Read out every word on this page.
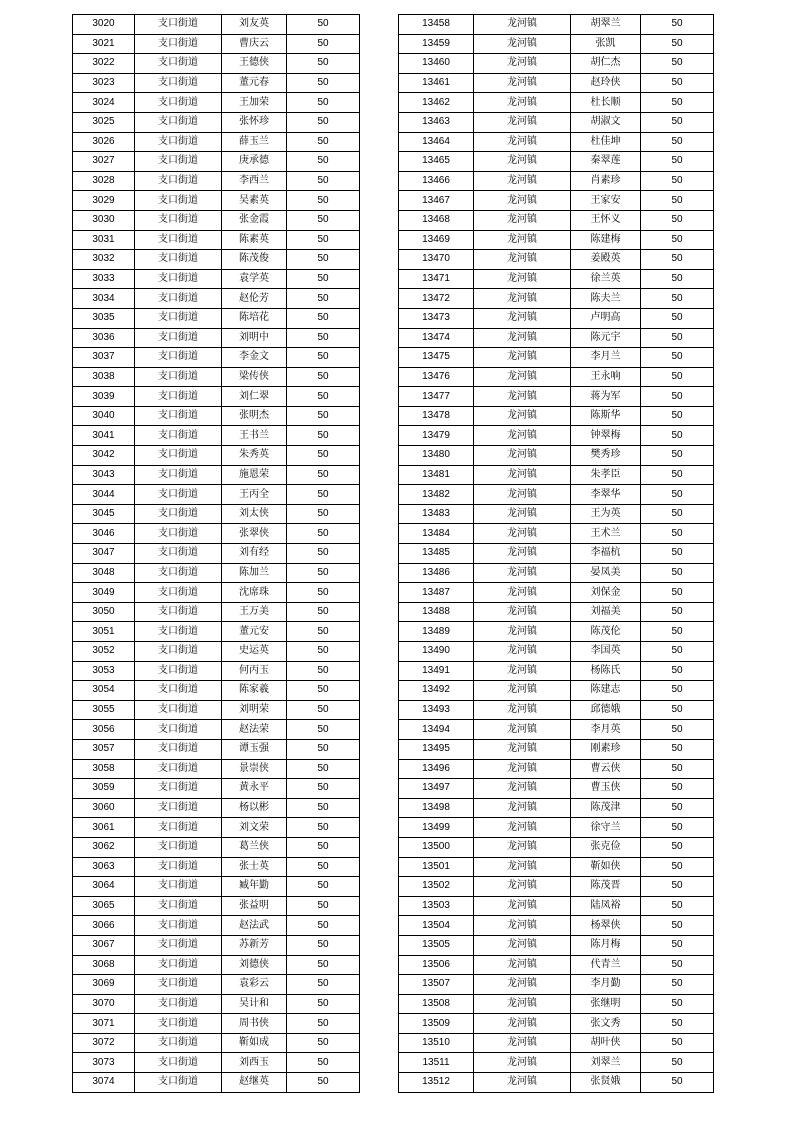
3020	支口街道	刘友英	50
3021	支口街道	曹庆云	50
3022	支口街道	王德侠	50
3023	支口街道	董元春	50
3024	支口街道	王加荣	50
3025	支口街道	张怀珍	50
3026	支口街道	薛玉兰	50
3027	支口街道	庚承德	50
3028	支口街道	李西兰	50
3029	支口街道	吴素英	50
3030	支口街道	张金霞	50
3031	支口街道	陈素英	50
3032	支口街道	陈茂俊	50
3033	支口街道	袁学英	50
3034	支口街道	赵伦芳	50
3035	支口街道	陈培花	50
3036	支口街道	刘明中	50
3037	支口街道	李金文	50
3038	支口街道	梁传侠	50
3039	支口街道	刘仁翠	50
3040	支口街道	张明杰	50
3041	支口街道	王书兰	50
3042	支口街道	朱秀英	50
3043	支口街道	施恩荣	50
3044	支口街道	王丙全	50
3045	支口街道	刘太侠	50
3046	支口街道	张翠侠	50
3047	支口街道	刘有经	50
3048	支口街道	陈加兰	50
3049	支口街道	沈席珠	50
3050	支口街道	王万美	50
3051	支口街道	董元安	50
3052	支口街道	史运英	50
3053	支口街道	何丙玉	50
3054	支口街道	陈家羲	50
3055	支口街道	刘明荣	50
3056	支口街道	赵法荣	50
3057	支口街道	谭玉强	50
3058	支口街道	景崇侠	50
3059	支口街道	黄永平	50
3060	支口街道	杨以彬	50
3061	支口街道	刘文荣	50
3062	支口街道	葛兰侠	50
3063	支口街道	张士英	50
3064	支口街道	臧年勤	50
3065	支口街道	张益明	50
3066	支口街道	赵法武	50
3067	支口街道	苏新芳	50
3068	支口街道	刘德侠	50
3069	支口街道	袁彩云	50
3070	支口街道	吴计和	50
3071	支口街道	周书侠	50
3072	支口街道	靳如成	50
3073	支口街道	刘西玉	50
3074	支口街道	赵继英	50
13458	龙河镇	胡翠兰	50
13459	龙河镇	张凯	50
13460	龙河镇	胡仁杰	50
13461	龙河镇	赵玲侠	50
13462	龙河镇	杜长顺	50
13463	龙河镇	胡淑文	50
13464	龙河镇	杜佳坤	50
13465	龙河镇	秦翠莲	50
13466	龙河镇	肖素珍	50
13467	龙河镇	王家安	50
13468	龙河镇	王怀义	50
13469	龙河镇	陈建梅	50
13470	龙河镇	姜殿英	50
13471	龙河镇	徐兰英	50
13472	龙河镇	陈夫兰	50
13473	龙河镇	卢明高	50
13474	龙河镇	陈元宇	50
13475	龙河镇	李月兰	50
13476	龙河镇	王永响	50
13477	龙河镇	蒋为军	50
13478	龙河镇	陈斯华	50
13479	龙河镇	钟翠梅	50
13480	龙河镇	樊秀珍	50
13481	龙河镇	朱孝臣	50
13482	龙河镇	李翠华	50
13483	龙河镇	王为英	50
13484	龙河镇	王术兰	50
13485	龙河镇	李福杭	50
13486	龙河镇	晏凤美	50
13487	龙河镇	刘保金	50
13488	龙河镇	刘福美	50
13489	龙河镇	陈茂伦	50
13490	龙河镇	李国英	50
13491	龙河镇	杨陈氏	50
13492	龙河镇	陈建志	50
13493	龙河镇	邱德娥	50
13494	龙河镇	李月英	50
13495	龙河镇	刚素珍	50
13496	龙河镇	曹云侠	50
13497	龙河镇	曹玉侠	50
13498	龙河镇	陈茂津	50
13499	龙河镇	徐守兰	50
13500	龙河镇	张克俭	50
13501	龙河镇	靳如侠	50
13502	龙河镇	陈茂晋	50
13503	龙河镇	陆凤裕	50
13504	龙河镇	杨翠侠	50
13505	龙河镇	陈月梅	50
13506	龙河镇	代青兰	50
13507	龙河镇	李月勤	50
13508	龙河镇	张继明	50
13509	龙河镇	张文秀	50
13510	龙河镇	胡叶侠	50
13511	龙河镇	刘翠兰	50
13512	龙河镇	张贤娥	50
